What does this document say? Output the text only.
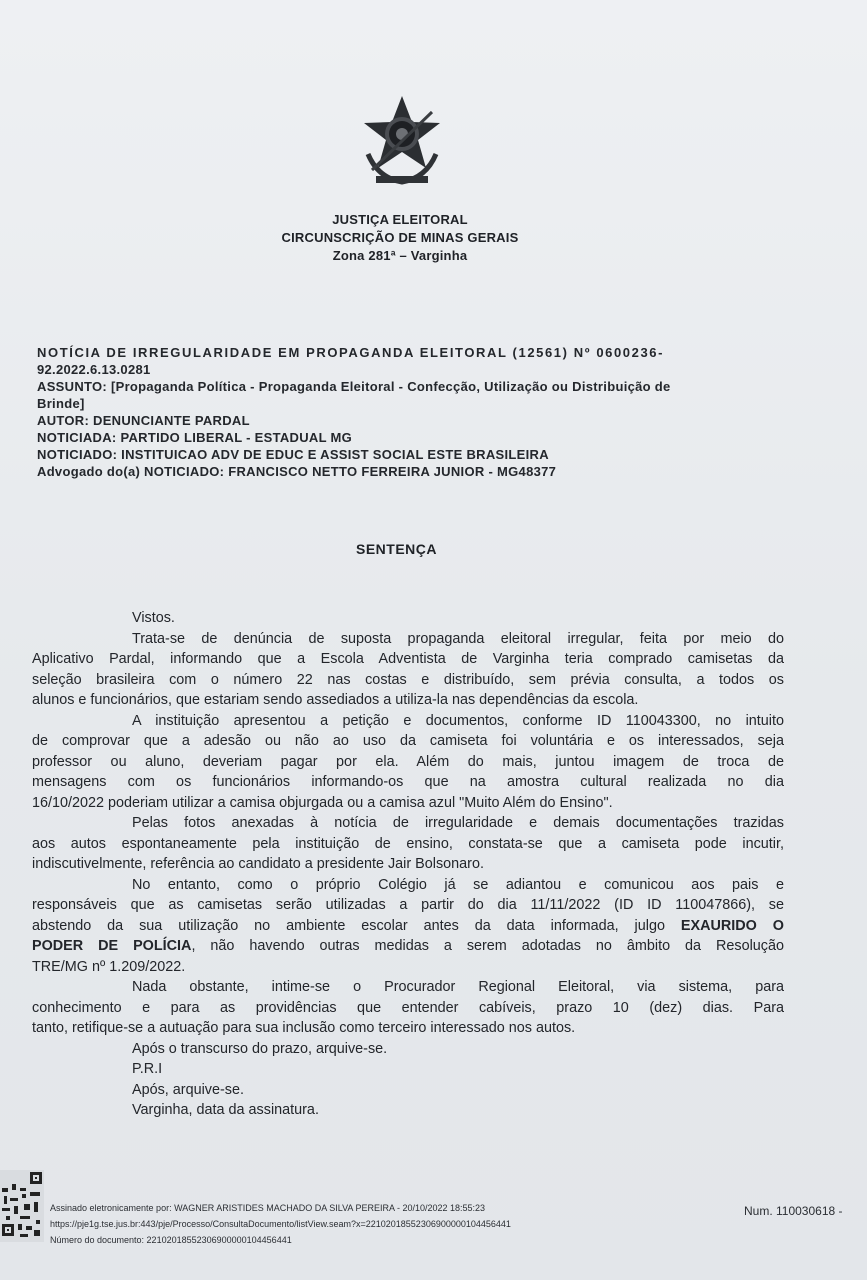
JUSTIÇA ELEITORAL
CIRCUNSCRIÇÃO DE MINAS GERAIS
Zona 281ª – Varginha
NOTÍCIA DE IRREGULARIDADE EM PROPAGANDA ELEITORAL (12561) Nº 0600236-
92.2022.6.13.0281
ASSUNTO: [Propaganda Política - Propaganda Eleitoral - Confecção, Utilização ou Distribuição de
Brinde]
AUTOR: DENUNCIANTE PARDAL
NOTICIADA: PARTIDO LIBERAL - ESTADUAL MG
NOTICIADO: INSTITUICAO ADV DE EDUC E ASSIST SOCIAL ESTE BRASILEIRA
Advogado do(a) NOTICIADO: FRANCISCO NETTO FERREIRA JUNIOR - MG48377
SENTENÇA
Vistos.
Trata-se de denúncia de suposta propaganda eleitoral irregular, feita por meio do
Aplicativo Pardal, informando que a Escola Adventista de Varginha teria comprado camisetas da
seleção brasileira com o número 22 nas costas e distribuído, sem prévia consulta, a todos os
alunos e funcionários, que estariam sendo assediados a utiliza-la nas dependências da escola.
A instituição apresentou a petição e documentos, conforme ID 110043300, no intuito
de comprovar que a adesão ou não ao uso da camiseta foi voluntária e os interessados, seja
professor ou aluno, deveriam pagar por ela. Além do mais, juntou imagem de troca de
mensagens com os funcionários informando-os que na amostra cultural realizada no dia
16/10/2022 poderiam utilizar a camisa objurgada ou a camisa azul "Muito Além do Ensino".
Pelas fotos anexadas à notícia de irregularidade e demais documentações trazidas
aos autos espontaneamente pela instituição de ensino, constata-se que a camiseta pode incutir,
indiscutivelmente, referência ao candidato a presidente Jair Bolsonaro.
No entanto, como o próprio Colégio já se adiantou e comunicou aos pais e
responsáveis que as camisetas serão utilizadas a partir do dia 11/11/2022 (ID ID 110047866), se
abstendo da sua utilização no ambiente escolar antes da data informada, julgo EXAURIDO O
PODER DE POLÍCIA, não havendo outras medidas a serem adotadas no âmbito da Resolução
TRE/MG nº 1.209/2022.
Nada obstante, intime-se o Procurador Regional Eleitoral, via sistema, para
conhecimento e para as providências que entender cabíveis, prazo 10 (dez) dias. Para
tanto, retifique-se a autuação para sua inclusão como terceiro interessado nos autos.
Após o transcurso do prazo, arquive-se.
P.R.I
Após, arquive-se.
Varginha, data da assinatura.
Assinado eletronicamente por: WAGNER ARISTIDES MACHADO DA SILVA PEREIRA - 20/10/2022 18:55:23
https://pje1g.tse.jus.br:443/pje/Processo/ConsultaDocumento/listView.seam?x=22102018552306900000104456441
Número do documento: 22102018552306900000104456441
Num. 110030618 -
